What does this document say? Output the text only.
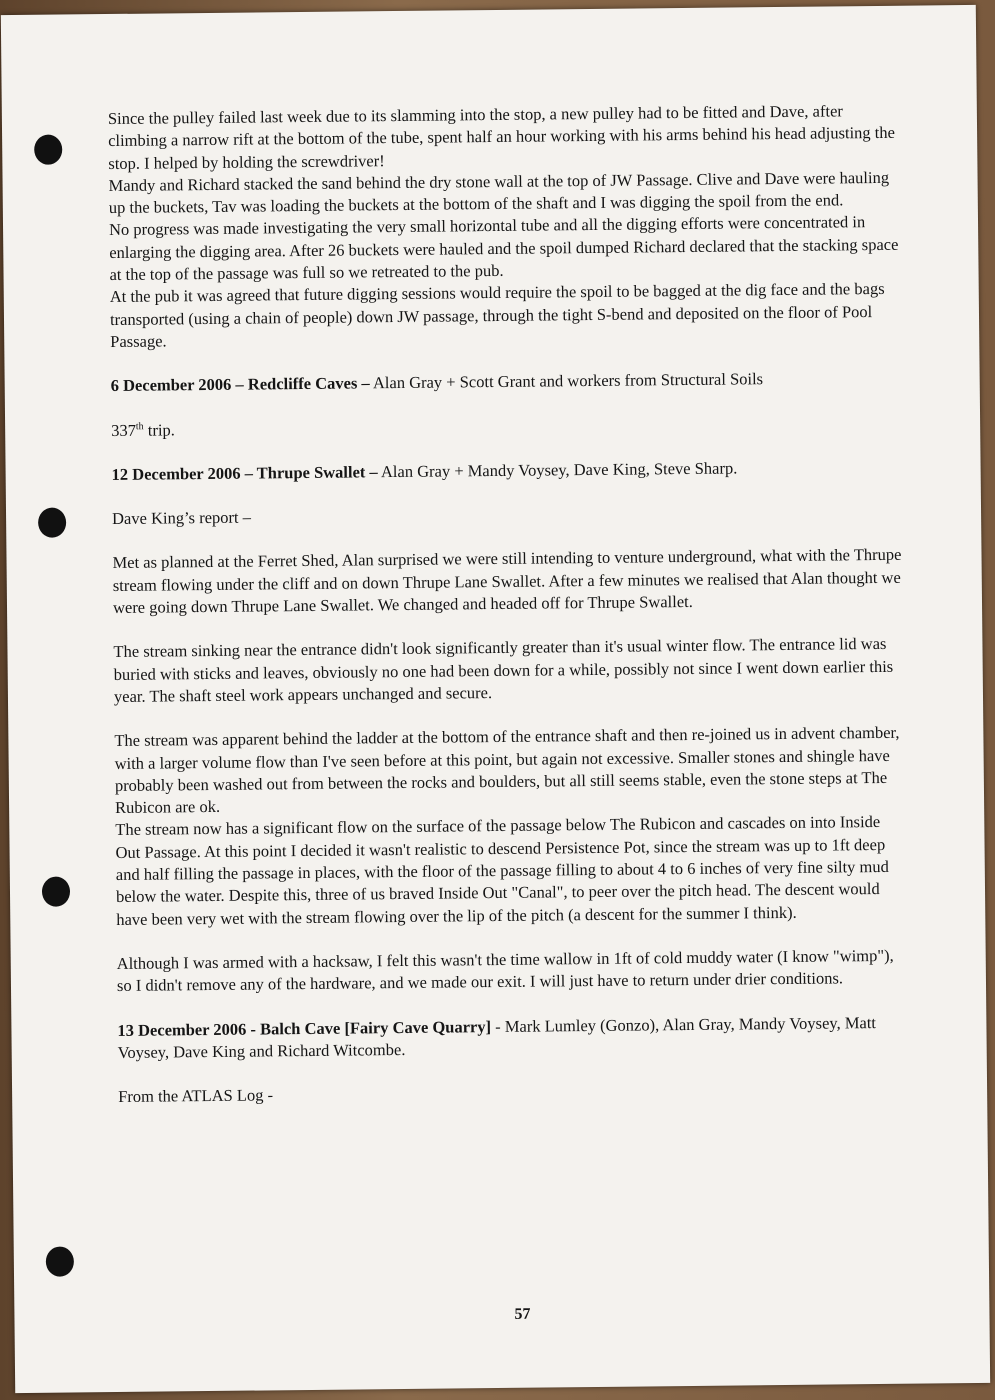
Since the pulley failed last week due to its slamming into the stop, a new pulley had to be fitted and Dave, after climbing a narrow rift at the bottom of the tube, spent half an hour working with his arms behind his head adjusting the stop. I helped by holding the screwdriver!

Mandy and Richard stacked the sand behind the dry stone wall at the top of JW Passage. Clive and Dave were hauling up the buckets, Tav was loading the buckets at the bottom of the shaft and I was digging the spoil from the end.

No progress was made investigating the very small horizontal tube and all the digging efforts were concentrated in enlarging the digging area. After 26 buckets were hauled and the spoil dumped Richard declared that the stacking space at the top of the passage was full so we retreated to the pub.

At the pub it was agreed that future digging sessions would require the spoil to be bagged at the dig face and the bags transported (using a chain of people) down JW passage, through the tight S-bend and deposited on the floor of Pool Passage.

6 December 2006 – Redcliffe Caves – Alan Gray + Scott Grant and workers from Structural Soils

337th trip.

12 December 2006 – Thrupe Swallet – Alan Gray + Mandy Voysey, Dave King, Steve Sharp.

Dave King’s report –

Met as planned at the Ferret Shed, Alan surprised we were still intending to venture underground, what with the Thrupe stream flowing under the cliff and on down Thrupe Lane Swallet. After a few minutes we realised that Alan thought we were going down Thrupe Lane Swallet. We changed and headed off for Thrupe Swallet.

The stream sinking near the entrance didn't look significantly greater than it's usual winter flow. The entrance lid was buried with sticks and leaves, obviously no one had been down for a while, possibly not since I went down earlier this year. The shaft steel work appears unchanged and secure.

The stream was apparent behind the ladder at the bottom of the entrance shaft and then re-joined us in advent chamber, with a larger volume flow than I've seen before at this point, but again not excessive. Smaller stones and shingle have probably been washed out from between the rocks and boulders, but all still seems stable, even the stone steps at The Rubicon are ok.

The stream now has a significant flow on the surface of the passage below The Rubicon and cascades on into Inside Out Passage. At this point I decided it wasn't realistic to descend Persistence Pot, since the stream was up to 1ft deep and half filling the passage in places, with the floor of the passage filling to about 4 to 6 inches of very fine silty mud below the water. Despite this, three of us braved Inside Out "Canal", to peer over the pitch head. The descent would have been very wet with the stream flowing over the lip of the pitch (a descent for the summer I think).

Although I was armed with a hacksaw, I felt this wasn't the time wallow in 1ft of cold muddy water (I know "wimp"), so I didn't remove any of the hardware, and we made our exit. I will just have to return under drier conditions.

13 December 2006 - Balch Cave [Fairy Cave Quarry] - Mark Lumley (Gonzo), Alan Gray, Mandy Voysey, Matt Voysey, Dave King and Richard Witcombe.

From the ATLAS Log -

57
